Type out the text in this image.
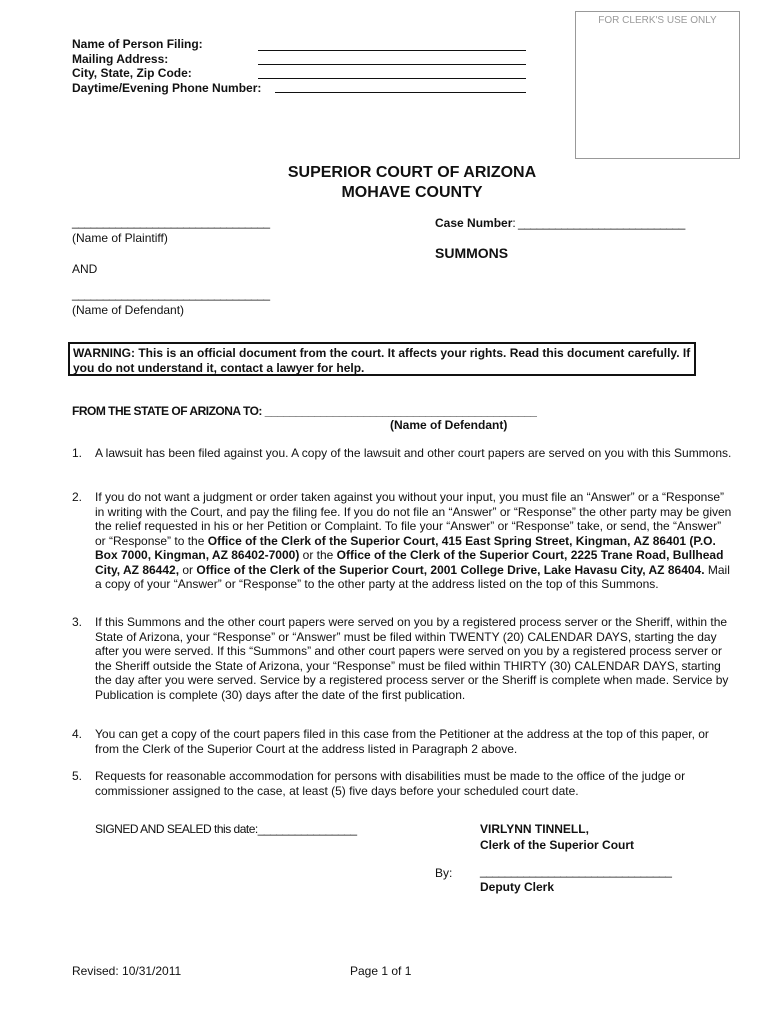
FOR CLERK'S USE ONLY
Name of Person Filing:
Mailing Address:
City, State, Zip Code:
Daytime/Evening Phone Number:
SUPERIOR COURT OF ARIZONA
MOHAVE COUNTY
________________________________
(Name of Plaintiff)
AND
________________________________
(Name of Defendant)
Case Number: ___________________________
SUMMONS
WARNING: This is an official document from the court. It affects your rights. Read this document carefully. If you do not understand it, contact a lawyer for help.
FROM THE STATE OF ARIZONA TO: ____________________________________________
(Name of Defendant)
1. A lawsuit has been filed against you. A copy of the lawsuit and other court papers are served on you with this Summons.
2. If you do not want a judgment or order taken against you without your input, you must file an “Answer” or a “Response” in writing with the Court, and pay the filing fee. If you do not file an “Answer” or “Response” the other party may be given the relief requested in his or her Petition or Complaint. To file your “Answer” or “Response” take, or send, the “Answer” or “Response” to the Office of the Clerk of the Superior Court, 415 East Spring Street, Kingman, AZ 86401 (P.O. Box 7000, Kingman, AZ 86402-7000) or the Office of the Clerk of the Superior Court, 2225 Trane Road, Bullhead City, AZ 86442, or Office of the Clerk of the Superior Court, 2001 College Drive, Lake Havasu City, AZ 86404. Mail a copy of your “Answer” or “Response” to the other party at the address listed on the top of this Summons.
3. If this Summons and the other court papers were served on you by a registered process server or the Sheriff, within the State of Arizona, your “Response” or “Answer” must be filed within TWENTY (20) CALENDAR DAYS, starting the day after you were served. If this “Summons” and other court papers were served on you by a registered process server or the Sheriff outside the State of Arizona, your “Response” must be filed within THIRTY (30) CALENDAR DAYS, starting the day after you were served. Service by a registered process server or the Sheriff is complete when made. Service by Publication is complete (30) days after the date of the first publication.
4. You can get a copy of the court papers filed in this case from the Petitioner at the address at the top of this paper, or from the Clerk of the Superior Court at the address listed in Paragraph 2 above.
5. Requests for reasonable accommodation for persons with disabilities must be made to the office of the judge or commissioner assigned to the case, at least (5) five days before your scheduled court date.
SIGNED AND SEALED this date:________________	VIRLYNN TINNELL,
Clerk of the Superior Court
By: _______________________________
Deputy Clerk
Revised: 10/31/2011	Page 1 of 1
